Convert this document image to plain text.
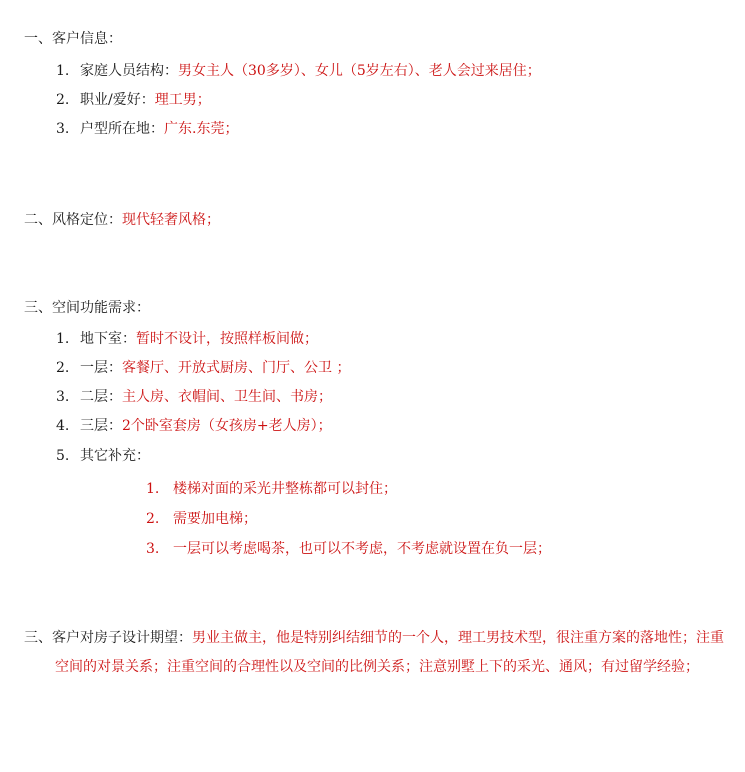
一、客户信息：
1. 家庭人员结构：男女主人（30多岁）、女儿（5岁左右）、老人会过来居住；
2. 职业/爱好：理工男；
3. 户型所在地：广东.东莞；
二、风格定位：现代轻奢风格；
三、空间功能需求：
1. 地下室：暂时不设计，按照样板间做；
2. 一层：客餐厅、开放式厨房、门厅、公卫 ；
3. 二层：主人房、衣帽间、卫生间、书房；
4. 三层：2个卧室套房（女孩房+老人房）；
5. 其它补充：
1. 楼梯对面的采光井整栋都可以封住；
2. 需要加电梯；
3. 一层可以考虑喝茶，也可以不考虑，不考虑就设置在负一层；
三、客户对房子设计期望：男业主做主，他是特别纠结细节的一个人，理工男技术型，很注重方案的落地性；注重空间的对景关系；注重空间的合理性以及空间的比例关系；注意别墅上下的采光、通风；有过留学经验；
